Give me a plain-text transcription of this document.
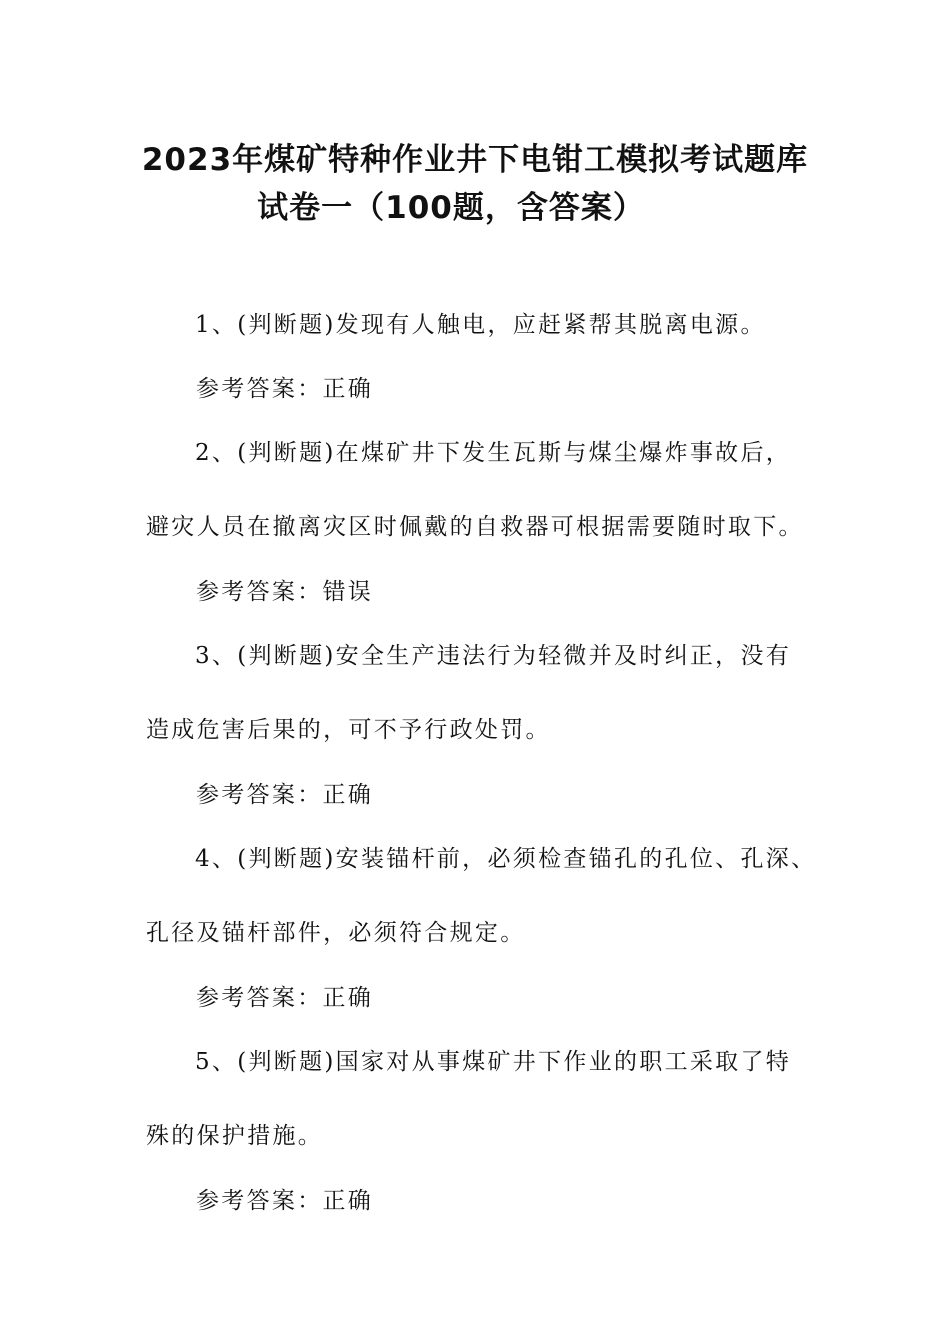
2023年煤矿特种作业井下电钳工模拟考试题库
试卷一（100题，含答案）
1、(判断题)发现有人触电，应赶紧帮其脱离电源。
参考答案：正确
2、(判断题)在煤矿井下发生瓦斯与煤尘爆炸事故后，
避灾人员在撤离灾区时佩戴的自救器可根据需要随时取下。
参考答案：错误
3、(判断题)安全生产违法行为轻微并及时纠正，没有
造成危害后果的，可不予行政处罚。
参考答案：正确
4、(判断题)安装锚杆前，必须检查锚孔的孔位、孔深、
孔径及锚杆部件，必须符合规定。
参考答案：正确
5、(判断题)国家对从事煤矿井下作业的职工采取了特
殊的保护措施。
参考答案：正确
